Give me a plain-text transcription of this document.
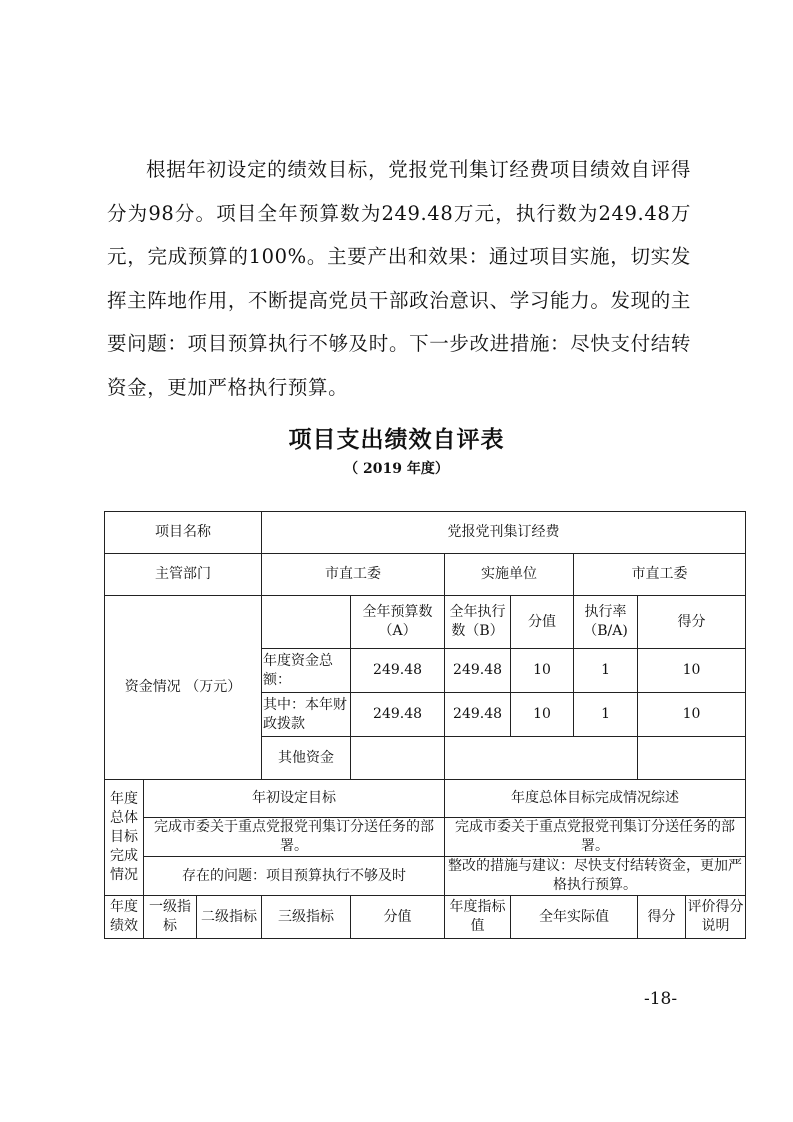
根据年初设定的绩效目标，党报党刊集订经费项目绩效自评得分为98分。项目全年预算数为249.48万元，执行数为249.48万元，完成预算的100%。主要产出和效果：通过项目实施，切实发挥主阵地作用，不断提高党员干部政治意识、学习能力。发现的主要问题：项目预算执行不够及时。下一步改进措施：尽快支付结转资金，更加严格执行预算。

项目支出绩效自评表

（ 2019 年度）

项目名称			党报党刊集订经费						
主管部门			市直工委		实施单位		市直工委		
资金情况 （万元）				全年预算数（A）	全年执行数（B）	分值	执行率（B/A)	得分	
			年度资金总额：	249.48	249.48	10	1	10	
			其中：本年财政拨款	249.48	249.48	10	1	10	
			其他资金						
年度总体目标完成情况	年初设定目标				年度总体目标完成情况综述				
	完成市委关于重点党报党刊集订分送任务的部署。				完成市委关于重点党报党刊集订分送任务的部署。				
	存在的问题：项目预算执行不够及时				整改的措施与建议：尽快支付结转资金，更加严格执行预算。				
年度绩效	一级指标	二级指标	三级指标	分值	年度指标值	全年实际值		得分	评价得分说明

-18-
